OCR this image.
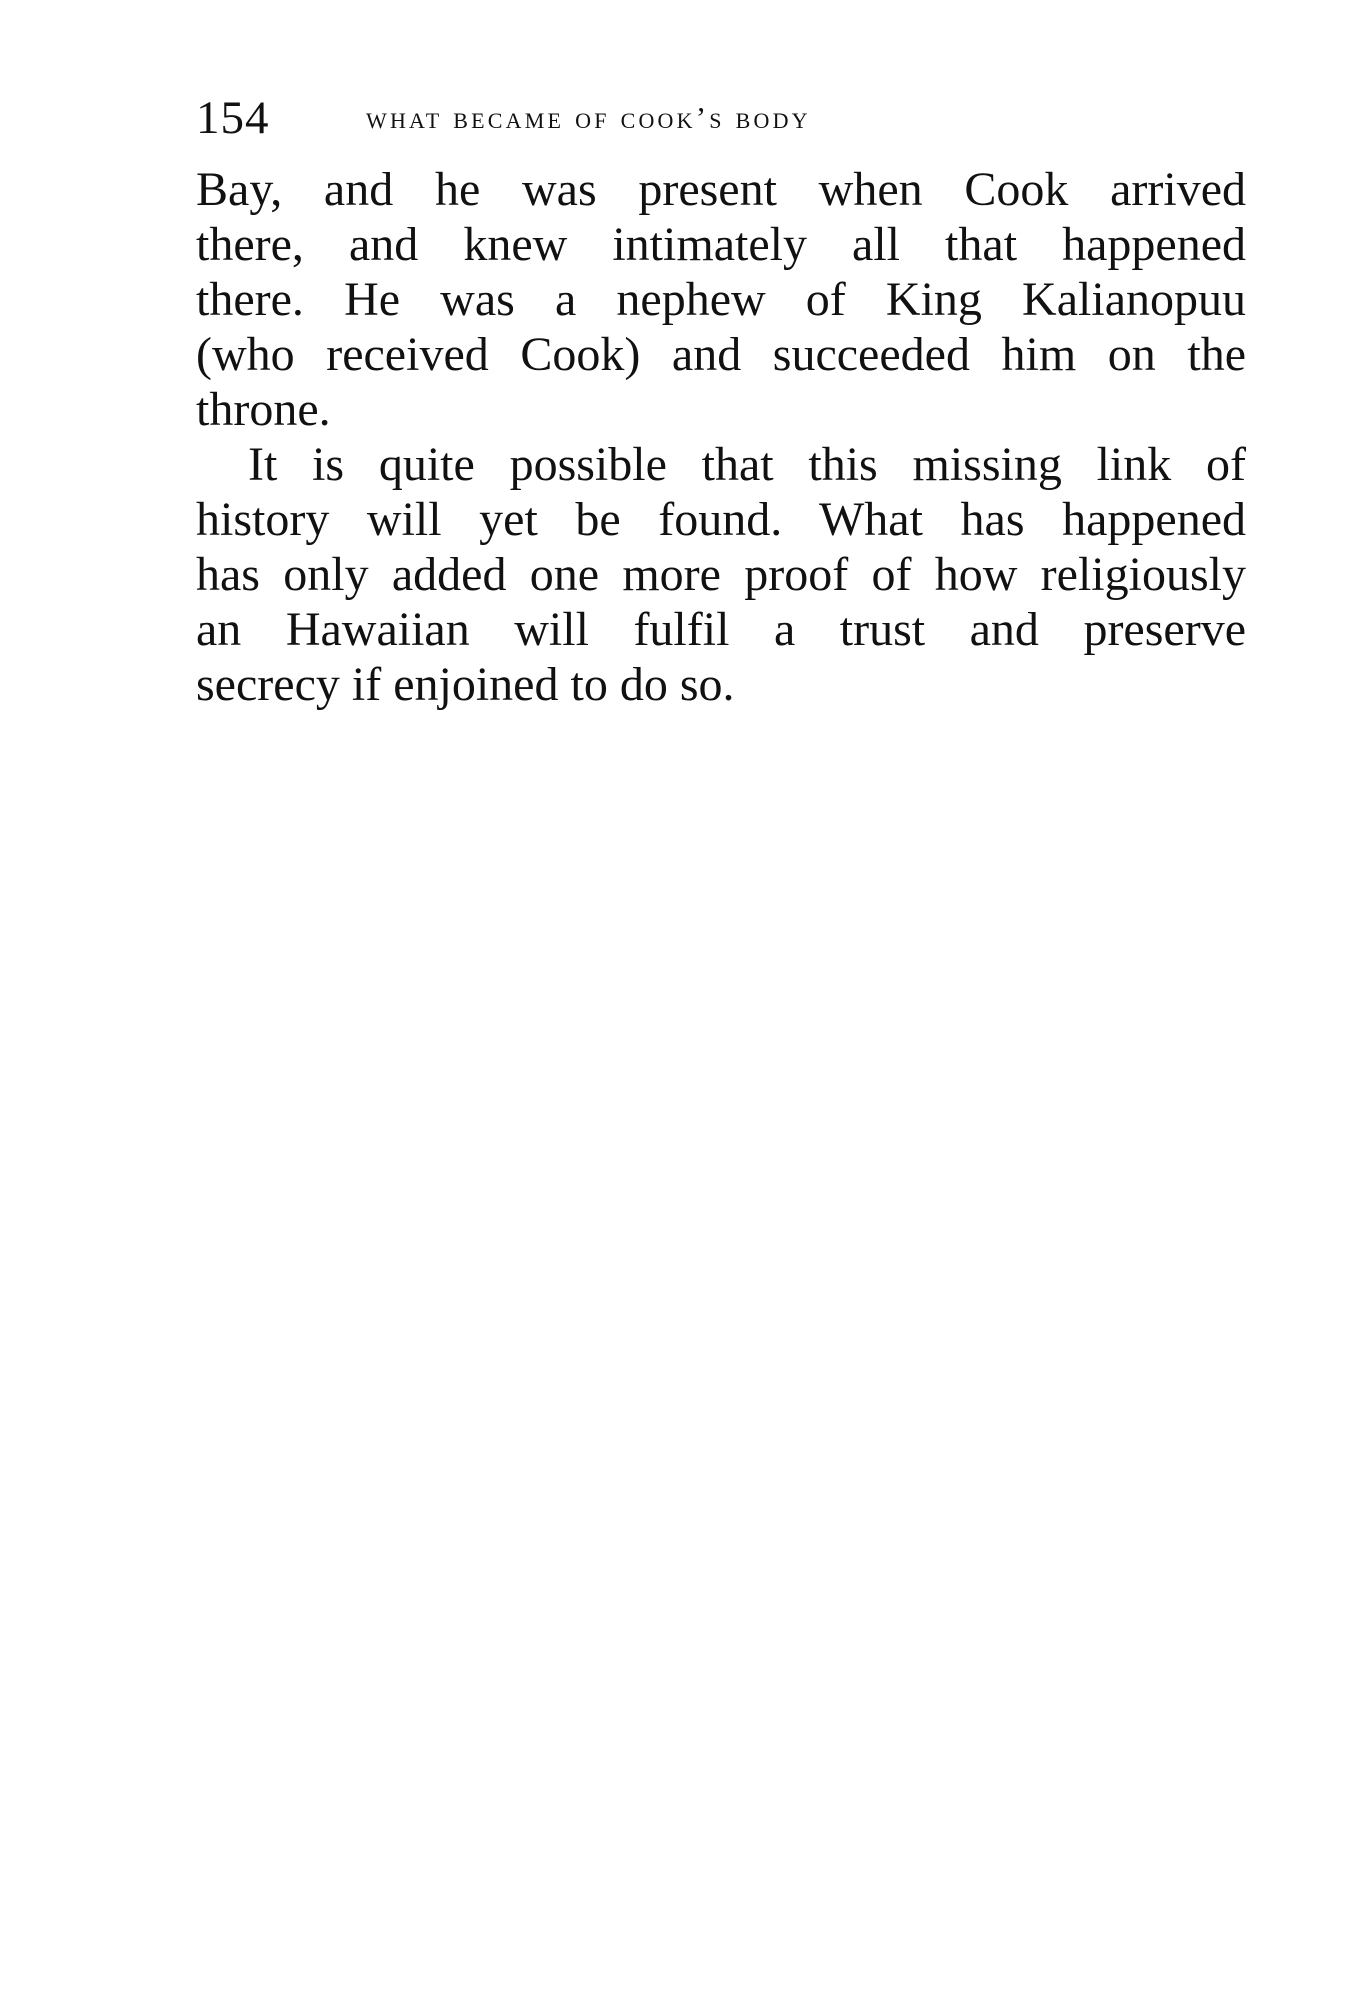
154	what became of cook’s body
Bay, and he was present when Cook arrived
there, and knew intimately all that happened
there. He was a nephew of King Kalianopuu
(who received Cook) and succeeded him on the
throne.
It is quite possible that this missing link of
history will yet be found. What has happened
has only added one more proof of how religiously
an Hawaiian will fulfil a trust and preserve
secrecy if enjoined to do so.
